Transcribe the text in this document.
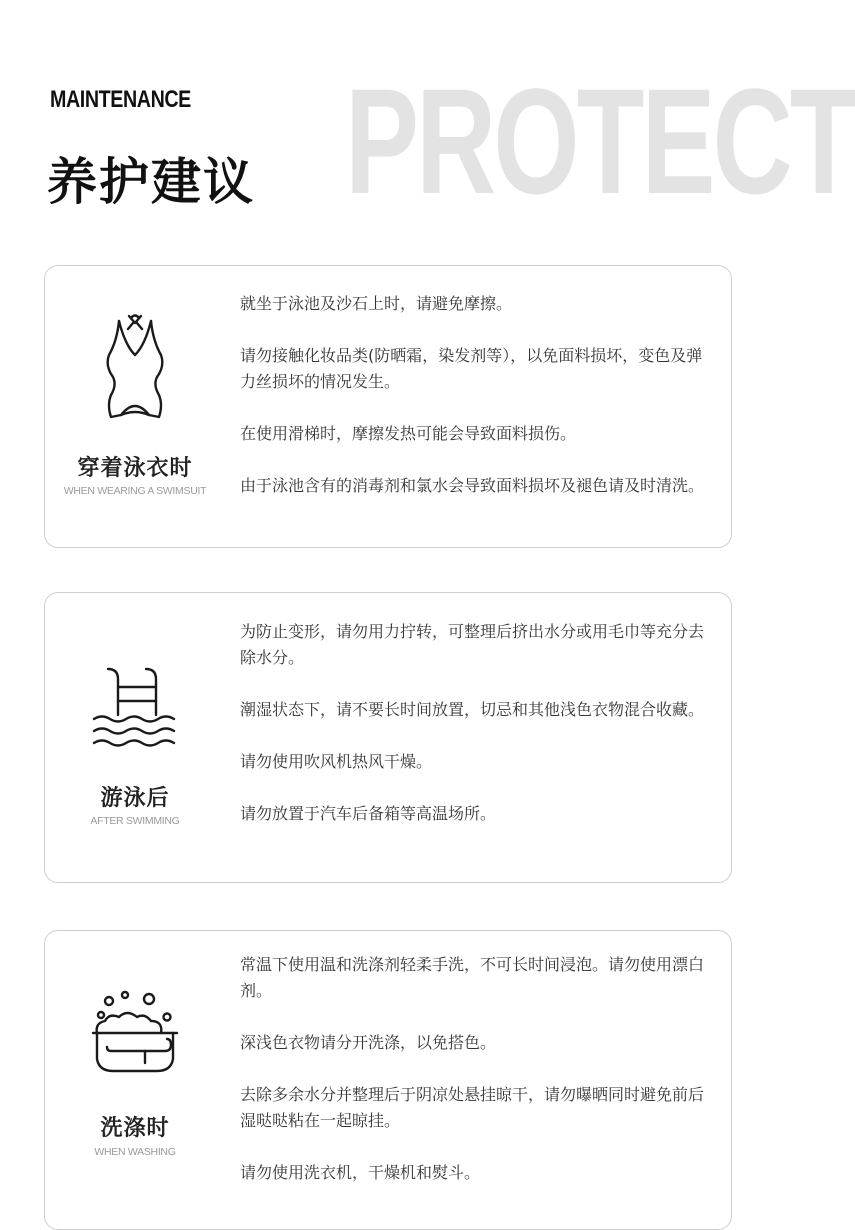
MAINTENANCE
养护建议 PROTECT
穿着泳衣时
WHEN WEARING A SWIMSUIT
就坐于泳池及沙石上时，请避免摩擦。
请勿接触化妆品类(防晒霜，染发剂等），以免面料损坏，变色及弹力丝损坏的情况发生。
在使用滑梯时，摩擦发热可能会导致面料损伤。
由于泳池含有的消毒剂和氯水会导致面料损坏及褪色请及时清洗。
游泳后
AFTER SWIMMING
为防止变形，请勿用力拧转，可整理后挤出水分或用毛巾等充分去除水分。
潮湿状态下，请不要长时间放置，切忌和其他浅色衣物混合收藏。
请勿使用吹风机热风干燥。
请勿放置于汽车后备箱等高温场所。
洗涤时
WHEN WASHING
常温下使用温和洗涤剂轻柔手洗，不可长时间浸泡。请勿使用漂白剂。
深浅色衣物请分开洗涤，以免搭色。
去除多余水分并整理后于阴凉处悬挂晾干，请勿曝晒同时避免前后湿哒哒粘在一起晾挂。
请勿使用洗衣机，干燥机和熨斗。
